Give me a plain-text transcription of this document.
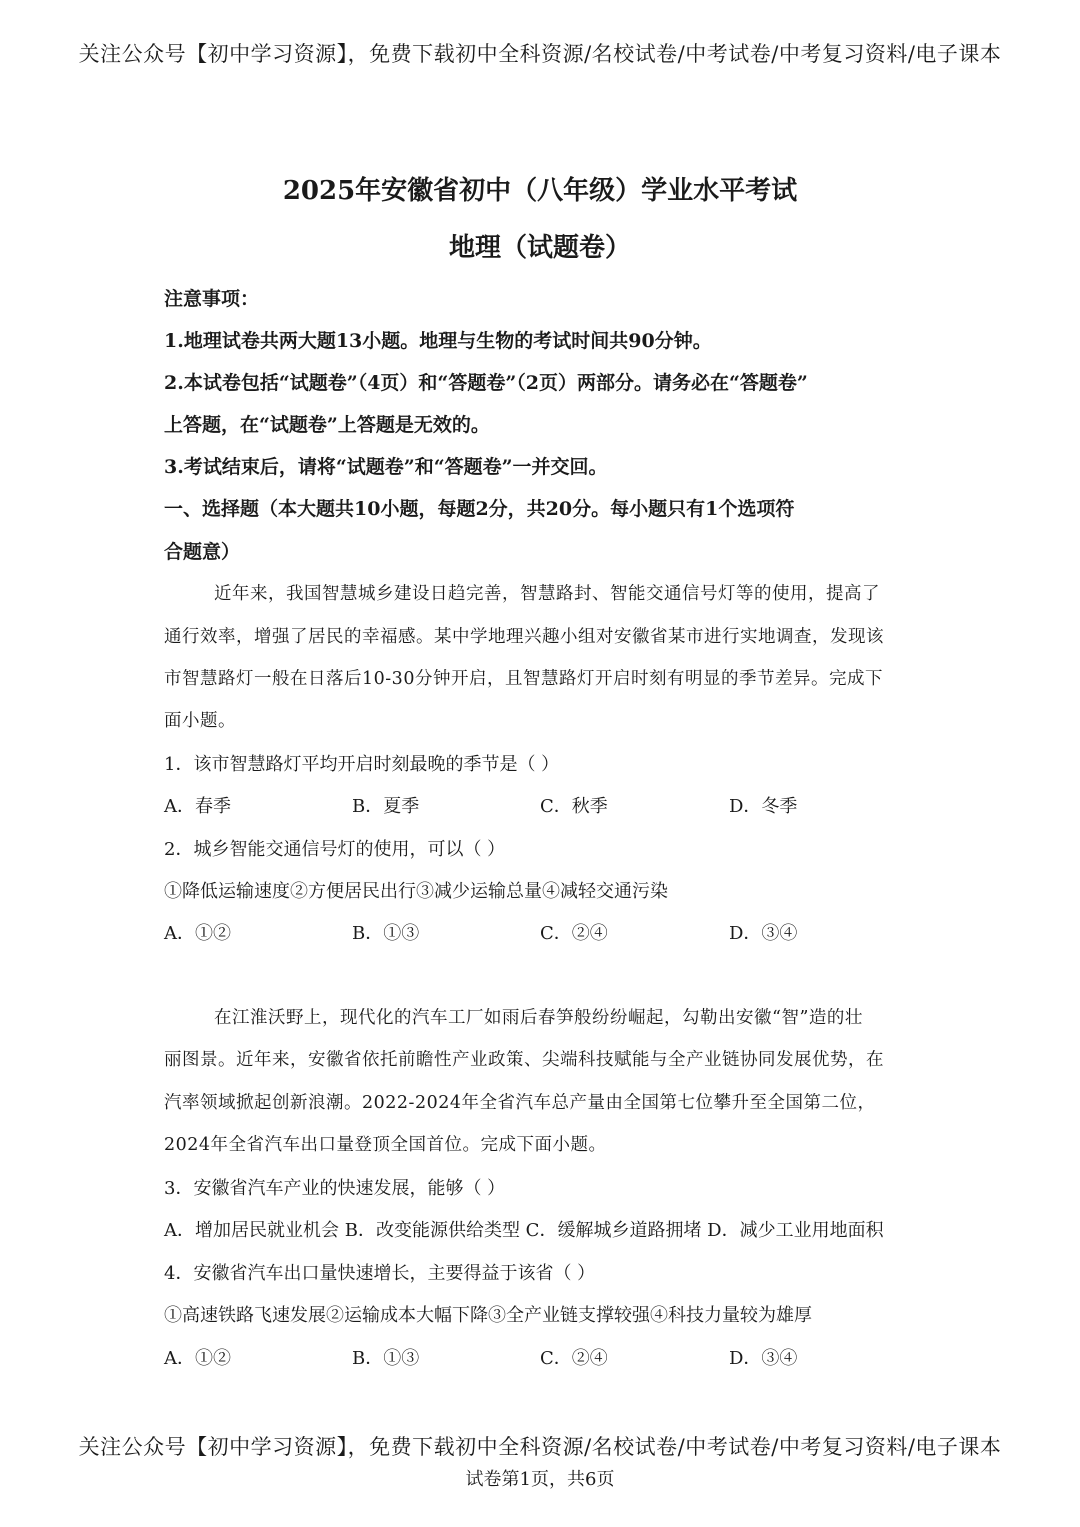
关注公众号【初中学习资源】，免费下载初中全科资源/名校试卷/中考试卷/中考复习资料/电子课本
2025年安徽省初中（八年级）学业水平考试
地理（试题卷）
注意事项：
1.地理试卷共两大题13小题。地理与生物的考试时间共90分钟。
2.本试卷包括“试题卷”（4页）和“答题卷”（2页）两部分。请务必在“答题卷”
上答题，在“试题卷”上答题是无效的。
3.考试结束后，请将“试题卷”和“答题卷”一并交回。
一、选择题（本大题共10小题，每题2分，共20分。每小题只有1个选项符
合题意）
近年来，我国智慧城乡建设日趋完善，智慧路封、智能交通信号灯等的使用，提高了
通行效率，增强了居民的幸福感。某中学地理兴趣小组对安徽省某市进行实地调查，发现该
市智慧路灯一般在日落后10-30分钟开启，且智慧路灯开启时刻有明显的季节差异。完成下
面小题。
1．该市智慧路灯平均开启时刻最晚的季节是（ ）
A．春季	B．夏季	C．秋季	D．冬季
2．城乡智能交通信号灯的使用，可以（ ）
①降低运输速度②方便居民出行③减少运输总量④减轻交通污染
A．①②	B．①③	C．②④	D．③④
在江淮沃野上，现代化的汽车工厂如雨后春笋般纷纷崛起，勾勒出安徽“智”造的壮
丽图景。近年来，安徽省依托前瞻性产业政策、尖端科技赋能与全产业链协同发展优势，在
汽率领域掀起创新浪潮。2022-2024年全省汽车总产量由全国第七位攀升至全国第二位，
2024年全省汽车出口量登顶全国首位。完成下面小题。
3．安徽省汽车产业的快速发展，能够（ ）
A．增加居民就业机会 B．改变能源供给类型 C．缓解城乡道路拥堵 D．减少工业用地面积
4．安徽省汽车出口量快速增长，主要得益于该省（ ）
①高速铁路飞速发展②运输成本大幅下降③全产业链支撑较强④科技力量较为雄厚
A．①②	B．①③	C．②④	D．③④
关注公众号【初中学习资源】，免费下载初中全科资源/名校试卷/中考试卷/中考复习资料/电子课本
试卷第1页，共6页
